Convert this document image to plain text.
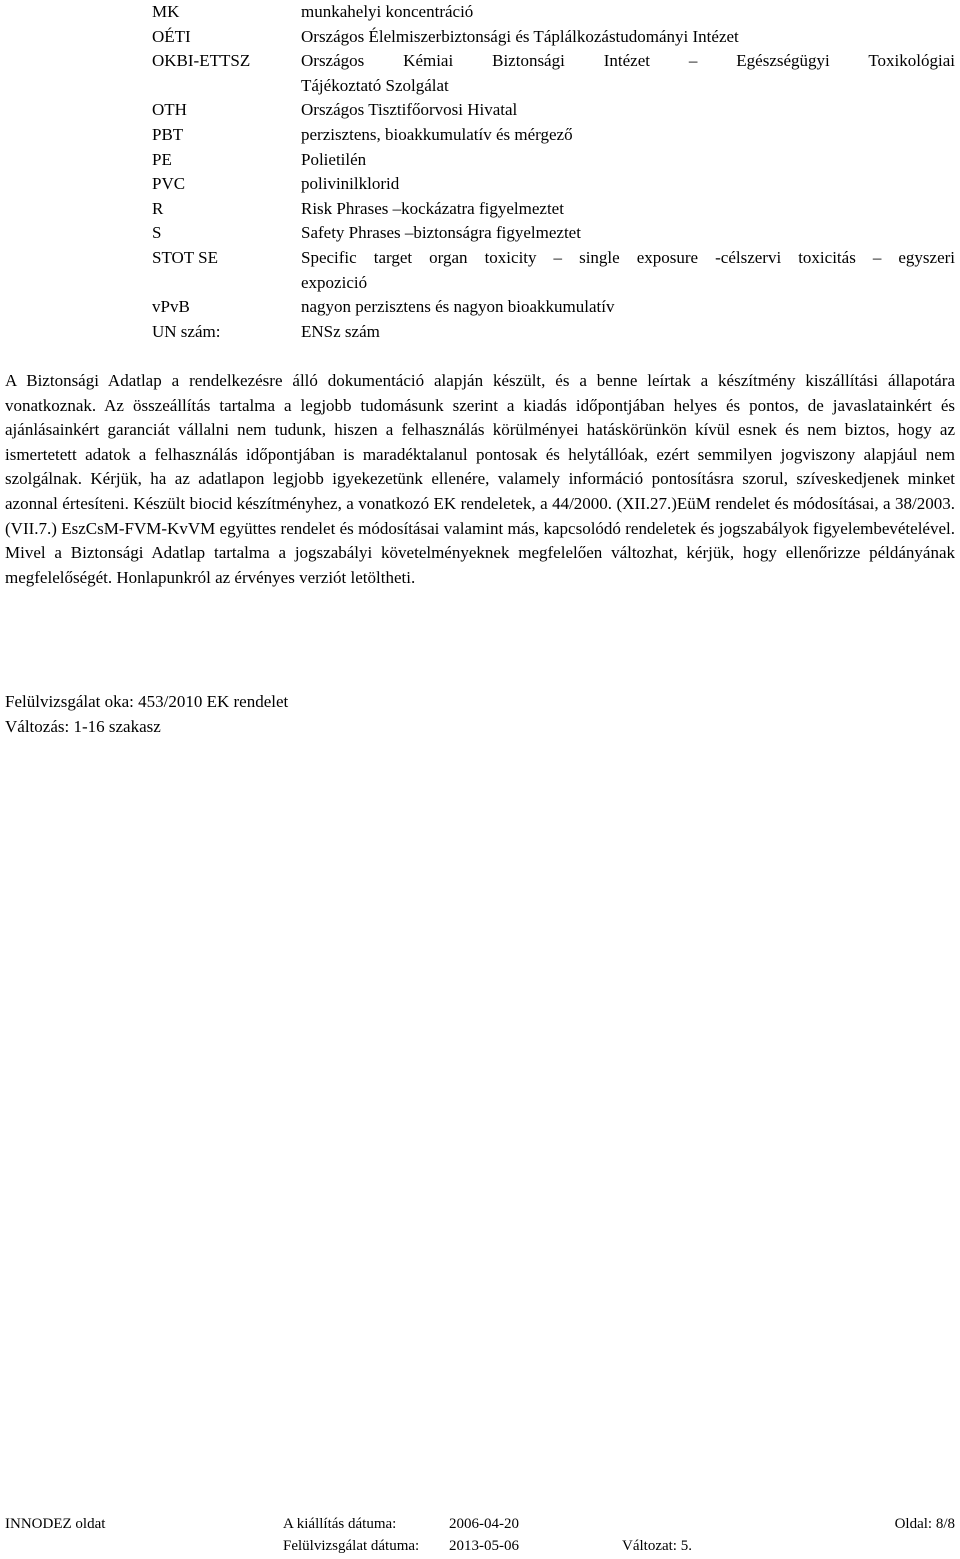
MK	munkahelyi koncentráció
OÉTI	Országos Élelmiszerbiztonsági és Táplálkozástudományi Intézet
OKBI-ETTSZ	Országos Kémiai Biztonsági Intézet – Egészségügyi Toxikológiai
Tájékoztató Szolgálat
OTH	Országos Tisztifőorvosi Hivatal
PBT	perzisztens, bioakkumulatív és mérgező
PE	Polietilén
PVC	polivinilklorid
R	Risk Phrases –kockázatra figyelmeztet
S	Safety Phrases –biztonságra figyelmeztet
STOT SE	Specific target organ toxicity – single exposure -célszervi toxicitás – egyszeri
expozició
vPvB	nagyon perzisztens és nagyon bioakkumulatív
UN szám:	ENSz szám

A Biztonsági Adatlap a rendelkezésre álló dokumentáció alapján készült, és a benne leírtak a készítmény kiszállítási állapotára vonatkoznak. Az összeállítás tartalma a legjobb tudomásunk szerint a kiadás időpontjában helyes és pontos, de javaslatainkért és ajánlásainkért garanciát vállalni nem tudunk, hiszen a felhasználás körülményei hatáskörünkön kívül esnek és nem biztos, hogy az ismertetett adatok a felhasználás időpontjában is maradéktalanul pontosak és helytállóak, ezért semmilyen jogviszony alapjául nem szolgálnak. Kérjük, ha az adatlapon legjobb igyekezetünk ellenére, valamely információ pontosításra szorul, szíveskedjenek minket azonnal értesíteni. Készült biocid készítményhez, a vonatkozó EK rendeletek, a 44/2000. (XII.27.)EüM rendelet és módosításai, a 38/2003. (VII.7.) EszCsM-FVM-KvVM együttes rendelet és módosításai valamint más, kapcsolódó rendeletek és jogszabályok figyelembevételével. Mivel a Biztonsági Adatlap tartalma a jogszabályi követelményeknek megfelelően változhat, kérjük, hogy ellenőrizze példányának megfelelőségét. Honlapunkról az érvényes verziót letöltheti.

Felülvizsgálat oka: 453/2010 EK rendelet
Változás: 1-16 szakasz
INNODEZ oldat	A kiállítás dátuma:	2006-04-20	Oldal: 8/8
Felülvizsgálat dátuma: 2013-05-06	Változat: 5.
